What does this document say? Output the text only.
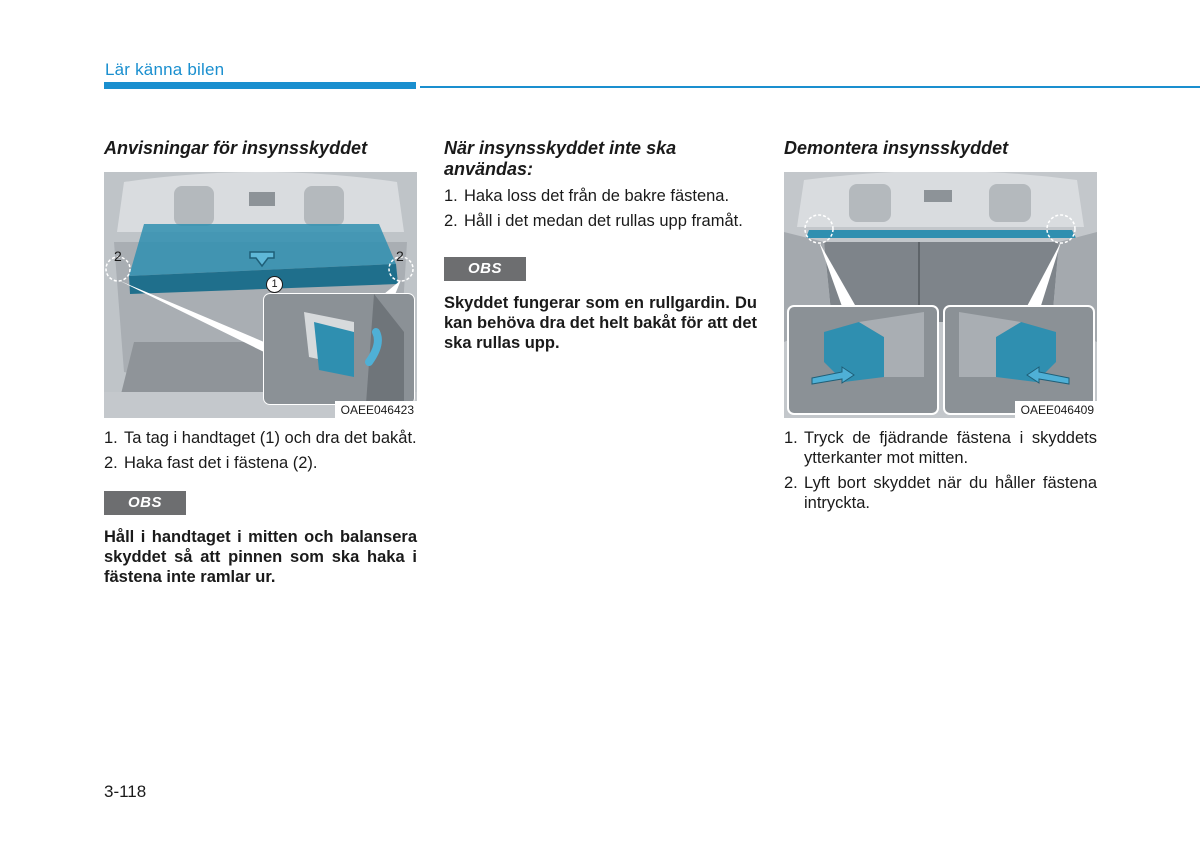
Lär känna bilen
Anvisningar för insynsskyddet
2	2
1
OAEE046423
1. Ta tag i handtaget (1) och dra det bakåt.
2. Haka fast det i fästena (2).
OBS
Håll i handtaget i mitten och balansera skyddet så att pinnen som ska haka i fästena inte ramlar ur.
När insynsskyddet inte ska användas:
1. Haka loss det från de bakre fästena.
2. Håll i det medan det rullas upp framåt.
OBS
Skyddet fungerar som en rullgardin. Du kan behöva dra det helt bakåt för att det ska rullas upp.
Demontera insynsskyddet
OAEE046409
1. Tryck de fjädrande fästena i skyddets ytterkanter mot mitten.
2. Lyft bort skyddet när du håller fästena intryckta.
3-118
